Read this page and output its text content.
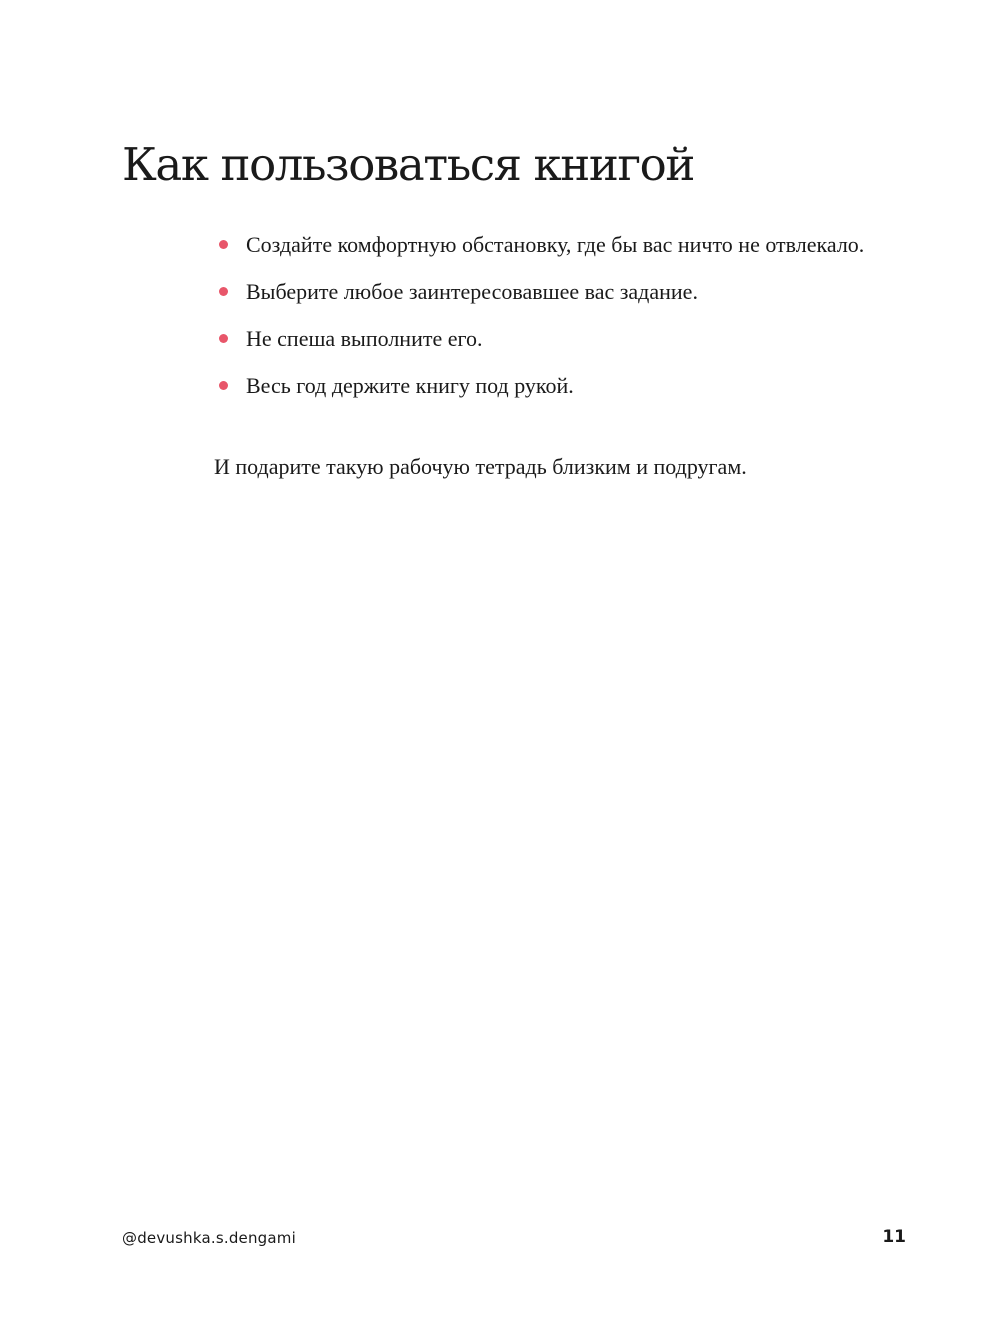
Как пользоваться книгой
Создайте комфортную обстановку, где бы вас ничто не отвлекало.
Выберите любое заинтересовавшее вас задание.
Не спеша выполните его.
Весь год держите книгу под рукой.

И подарите такую рабочую тетрадь близким и подругам.

@devushka.s.dengami	11
